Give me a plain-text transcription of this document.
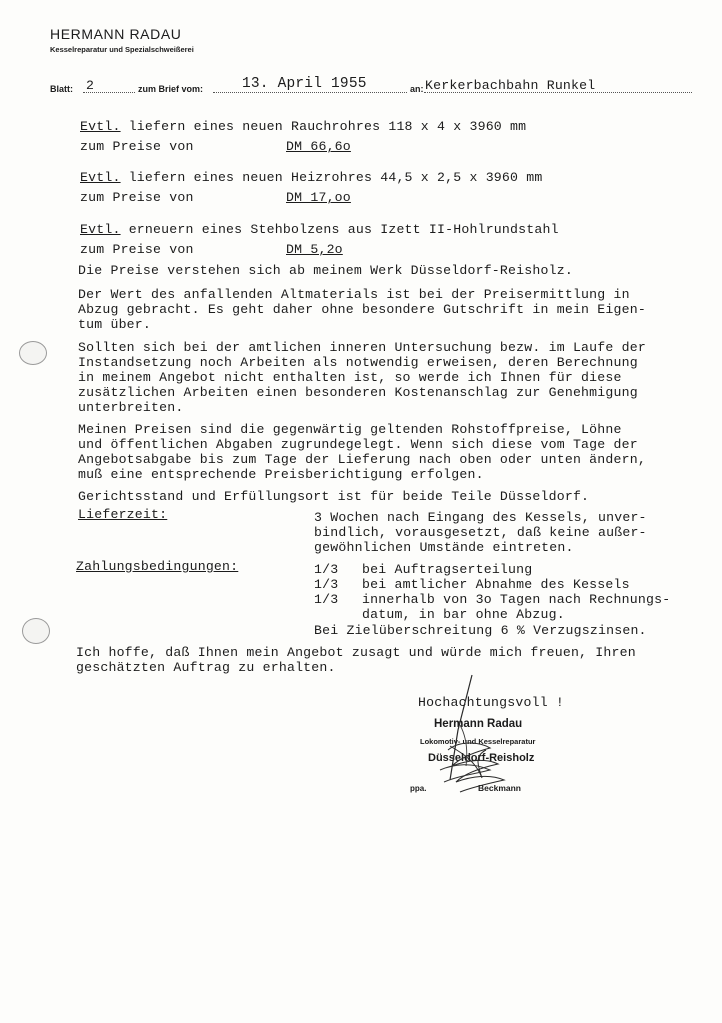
HERMANN RADAU
Kesselreparatur und Spezialschweißerei
Blatt: 2	zum Brief vom:	13. April 1955	an: Kerkerbachbahn Runkel
Evtl. liefern eines neuen Rauchrohres 118 x 4 x 3960 mm
zum Preise von	DM 66,6o
Evtl. liefern eines neuen Heizrohres 44,5 x 2,5 x 3960 mm
zum Preise von	DM 17,oo
Evtl. erneuern eines Stehbolzens aus Izett II-Hohlrundstahl
zum Preise von	DM 5,2o
Die Preise verstehen sich ab meinem Werk Düsseldorf-Reisholz.
Der Wert des anfallenden Altmaterials ist bei der Preisermittlung in
Abzug gebracht. Es geht daher ohne besondere Gutschrift in mein Eigen-
tum über.
Sollten sich bei der amtlichen inneren Untersuchung bezw. im Laufe der
Instandsetzung noch Arbeiten als notwendig erweisen, deren Berechnung
in meinem Angebot nicht enthalten ist, so werde ich Ihnen für diese
zusätzlichen Arbeiten einen besonderen Kostenanschlag zur Genehmigung
unterbreiten.
Meinen Preisen sind die gegenwärtig geltenden Rohstoffpreise, Löhne
und öffentlichen Abgaben zugrundegelegt. Wenn sich diese vom Tage der
Angebotsabgabe bis zum Tage der Lieferung nach oben oder unten ändern,
muß eine entsprechende Preisberichtigung erfolgen.
Gerichtsstand und Erfüllungsort ist für beide Teile Düsseldorf.
Lieferzeit:	3 Wochen nach Eingang des Kessels, unver-
bindlich, vorausgesetzt, daß keine außer-
gewöhnlichen Umstände eintreten.
Zahlungsbedingungen:	1/3 bei Auftragserteilung
1/3 bei amtlicher Abnahme des Kessels
1/3 innerhalb von 3o Tagen nach Rechnungs-
datum, in bar ohne Abzug.
Bei Zielüberschreitung 6 % Verzugszinsen.
Ich hoffe, daß Ihnen mein Angebot zusagt und würde mich freuen, Ihren
geschätzten Auftrag zu erhalten.
Hochachtungsvoll !
Hermann Radau
Lokomotiv- und Kesselreparatur
Düsseldorf-Reisholz
ppa.	Beckmann
